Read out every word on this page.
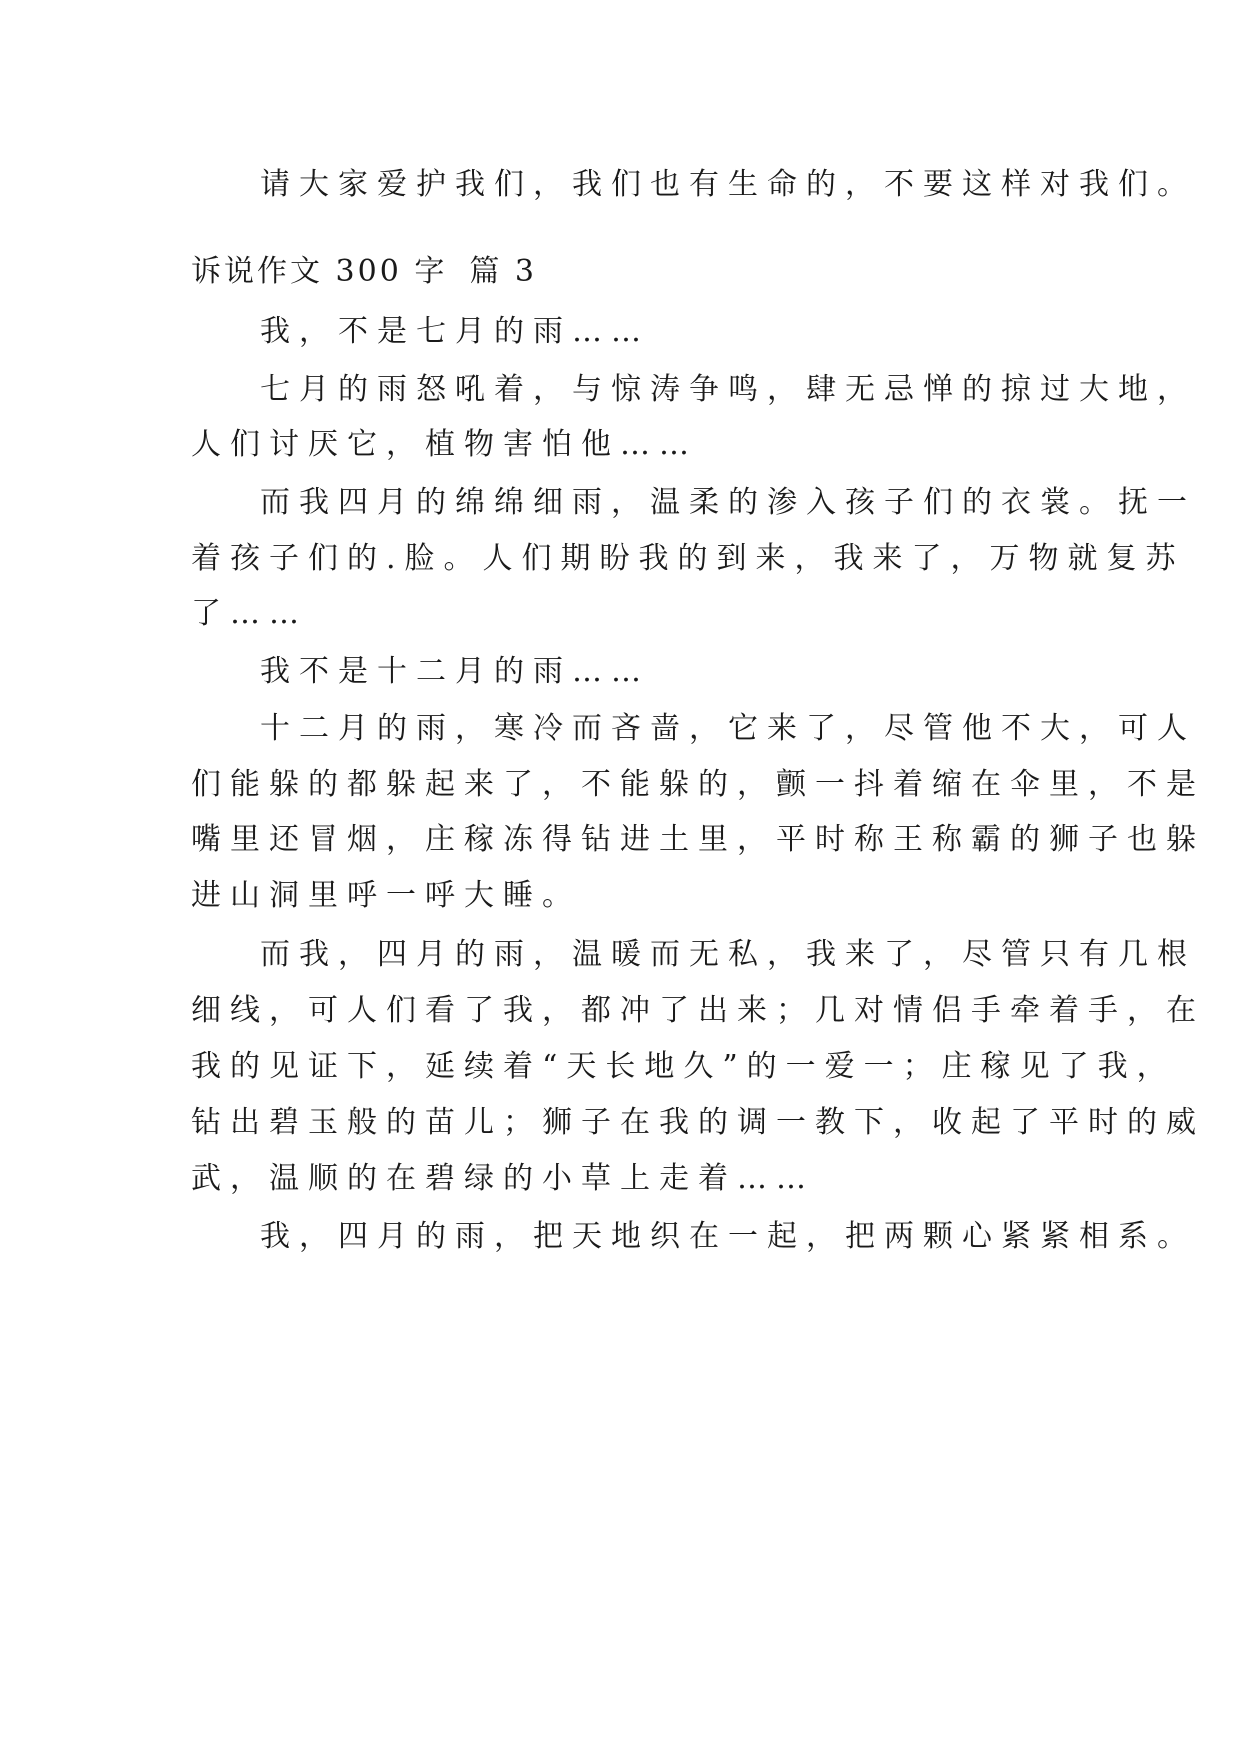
请大家爱护我们，我们也有生命的，不要这样对我们。
诉说作文 300 字 篇 3
我，不是七月的雨……
七月的雨怒吼着，与惊涛争鸣，肆无忌惮的掠过大地，
人们讨厌它，植物害怕他……
而我四月的绵绵细雨，温柔的渗入孩子们的衣裳。抚一
着孩子们的.脸。人们期盼我的到来，我来了，万物就复苏
了……
我不是十二月的雨……
十二月的雨，寒冷而吝啬，它来了，尽管他不大，可人
们能躲的都躲起来了，不能躲的，颤一抖着缩在伞里，不是
嘴里还冒烟，庄稼冻得钻进土里，平时称王称霸的狮子也躲
进山洞里呼一呼大睡。
而我，四月的雨，温暖而无私，我来了，尽管只有几根
细线，可人们看了我，都冲了出来；几对情侣手牵着手，在
我的见证下，延续着“天长地久”的一爱一；庄稼见了我，
钻出碧玉般的苗儿；狮子在我的调一教下，收起了平时的威
武，温顺的在碧绿的小草上走着……
我，四月的雨，把天地织在一起，把两颗心紧紧相系。
